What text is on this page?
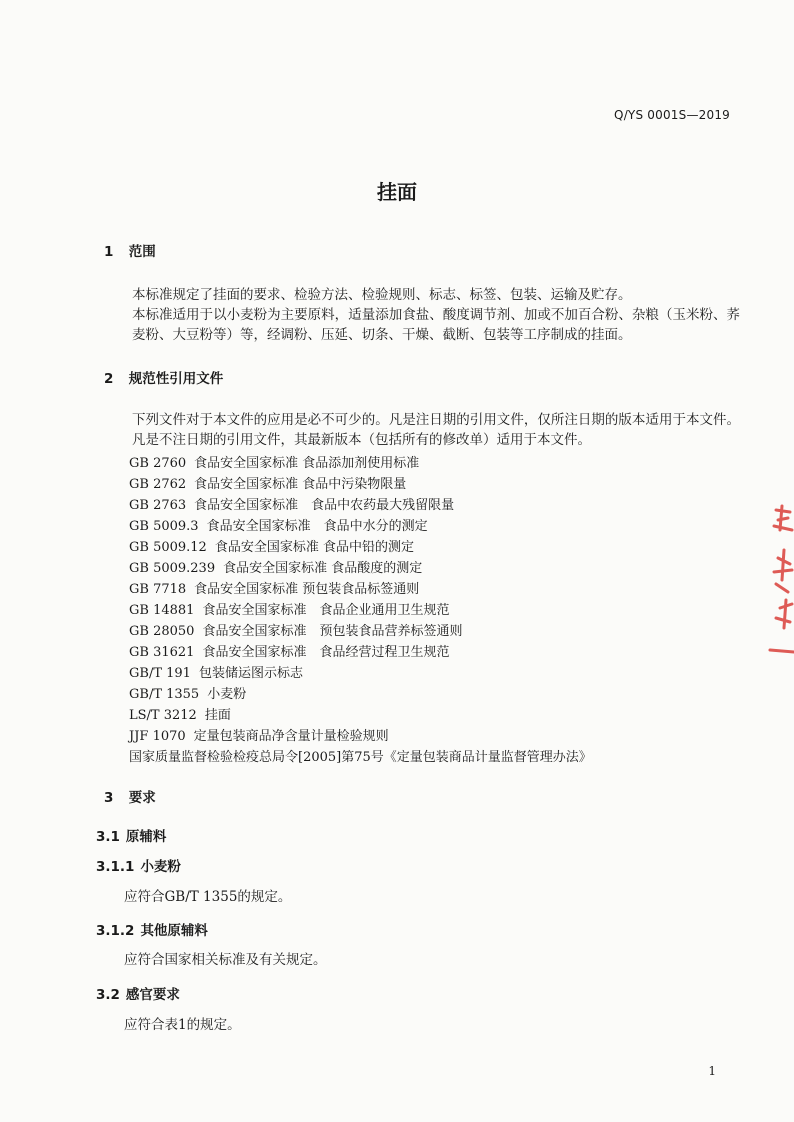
Q/YS 0001S—2019
挂面
1 范围
本标准规定了挂面的要求、检验方法、检验规则、标志、标签、包装、运输及贮存。
本标准适用于以小麦粉为主要原料，适量添加食盐、酸度调节剂、加或不加百合粉、杂粮（玉米粉、荞麦粉、大豆粉等）等，经调粉、压延、切条、干燥、截断、包装等工序制成的挂面。
2 规范性引用文件
下列文件对于本文件的应用是必不可少的。凡是注日期的引用文件，仅所注日期的版本适用于本文件。凡是不注日期的引用文件，其最新版本（包括所有的修改单）适用于本文件。
GB 2760 食品安全国家标准 食品添加剂使用标准
GB 2762 食品安全国家标准 食品中污染物限量
GB 2763 食品安全国家标准　食品中农药最大残留限量
GB 5009.3 食品安全国家标准　食品中水分的测定
GB 5009.12 食品安全国家标准 食品中铅的测定
GB 5009.239 食品安全国家标准 食品酸度的测定
GB 7718 食品安全国家标准 预包装食品标签通则
GB 14881 食品安全国家标准　食品企业通用卫生规范
GB 28050 食品安全国家标准　预包装食品营养标签通则
GB 31621 食品安全国家标准　食品经营过程卫生规范
GB/T 191 包装储运图示标志
GB/T 1355 小麦粉
LS/T 3212 挂面
JJF 1070 定量包装商品净含量计量检验规则
国家质量监督检验检疫总局令[2005]第75号《定量包装商品计量监督管理办法》
3 要求
3.1 原辅料
3.1.1 小麦粉
应符合GB/T 1355的规定。
3.1.2 其他原辅料
应符合国家相关标准及有关规定。
3.2 感官要求
应符合表1的规定。
1
